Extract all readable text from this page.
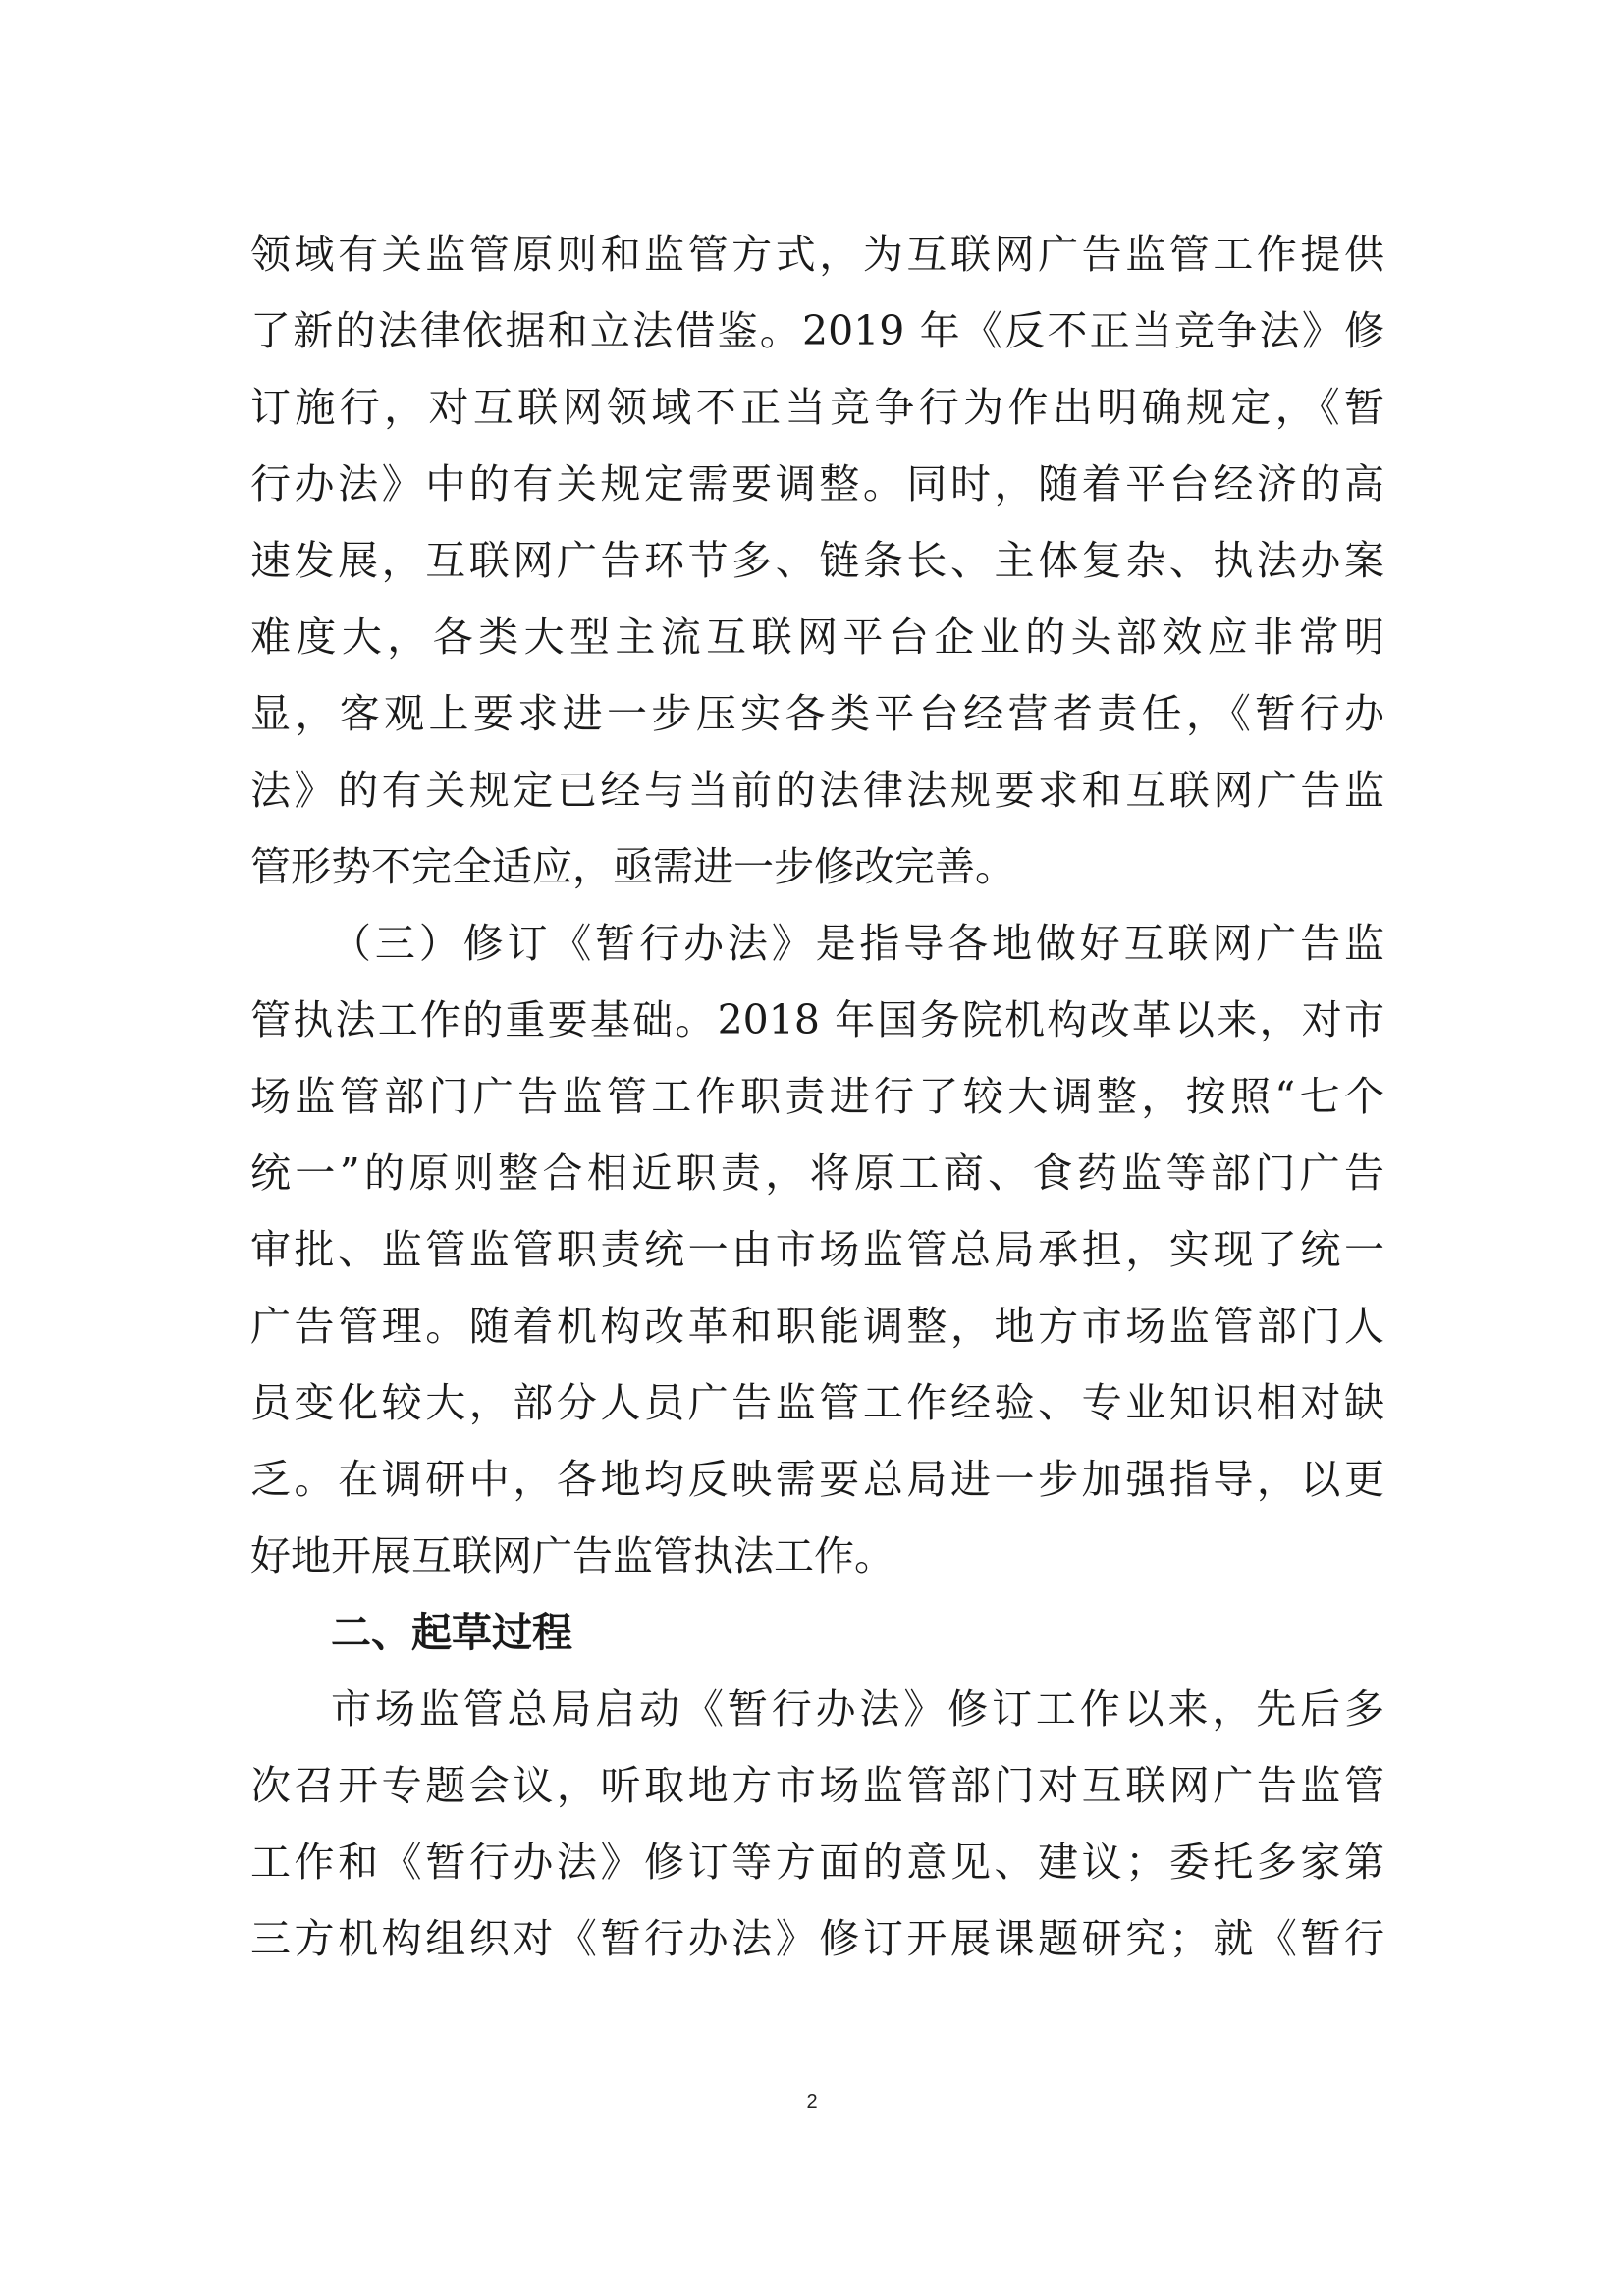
领域有关监管原则和监管方式，为互联网广告监管工作提供
了新的法律依据和立法借鉴。2019 年《反不正当竞争法》修
订施行，对互联网领域不正当竞争行为作出明确规定，《暂
行办法》中的有关规定需要调整。同时，随着平台经济的高
速发展，互联网广告环节多、链条长、主体复杂、执法办案
难度大，各类大型主流互联网平台企业的头部效应非常明
显，客观上要求进一步压实各类平台经营者责任，《暂行办
法》的有关规定已经与当前的法律法规要求和互联网广告监
管形势不完全适应，亟需进一步修改完善。
（三）修订《暂行办法》是指导各地做好互联网广告监
管执法工作的重要基础。2018 年国务院机构改革以来，对市
场监管部门广告监管工作职责进行了较大调整，按照“七个
统一”的原则整合相近职责，将原工商、食药监等部门广告
审批、监管监管职责统一由市场监管总局承担，实现了统一
广告管理。随着机构改革和职能调整，地方市场监管部门人
员变化较大，部分人员广告监管工作经验、专业知识相对缺
乏。在调研中，各地均反映需要总局进一步加强指导，以更
好地开展互联网广告监管执法工作。
二、起草过程
市场监管总局启动《暂行办法》修订工作以来，先后多
次召开专题会议，听取地方市场监管部门对互联网广告监管
工作和《暂行办法》修订等方面的意见、建议；委托多家第
三方机构组织对《暂行办法》修订开展课题研究；就《暂行
2
